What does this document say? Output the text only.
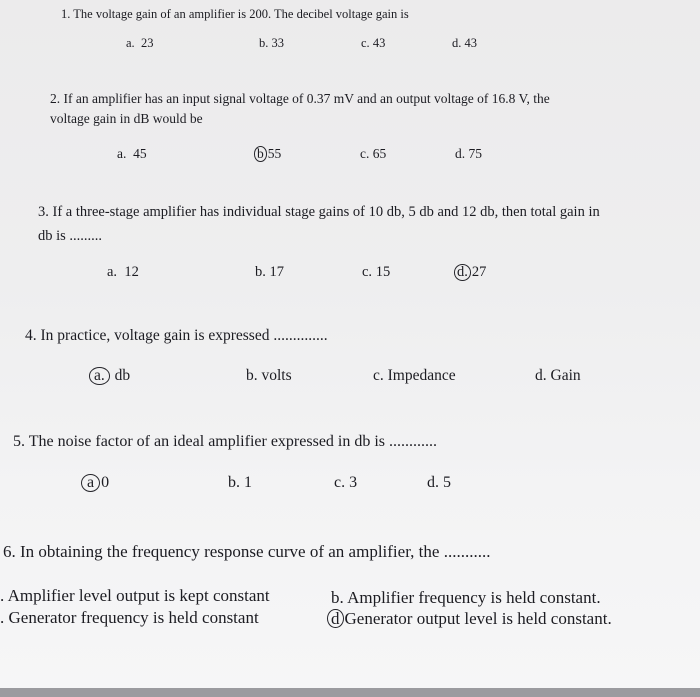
1. The voltage gain of an amplifier is 200. The decibel voltage gain is
a. 23	b. 33	c. 43	d. 43
2. If an amplifier has an input signal voltage of 0.37 mV and an output voltage of 16.8 V, the
voltage gain in dB would be
a. 45	b 55	c. 65	d. 75
3. If a three-stage amplifier has individual stage gains of 10 db, 5 db and 12 db, then total gain in
db is .........
a. 12	b. 17	c. 15	d. 27
4. In practice, voltage gain is expressed ..............
a. db	b. volts	c. Impedance	d. Gain
5. The noise factor of an ideal amplifier expressed in db is ............
a 0	b. 1	c. 3	d. 5
6. In obtaining the frequency response curve of an amplifier, the ...........
. Amplifier level output is kept constant	b. Amplifier frequency is held constant.
. Generator frequency is held constant	d Generator output level is held constant.
